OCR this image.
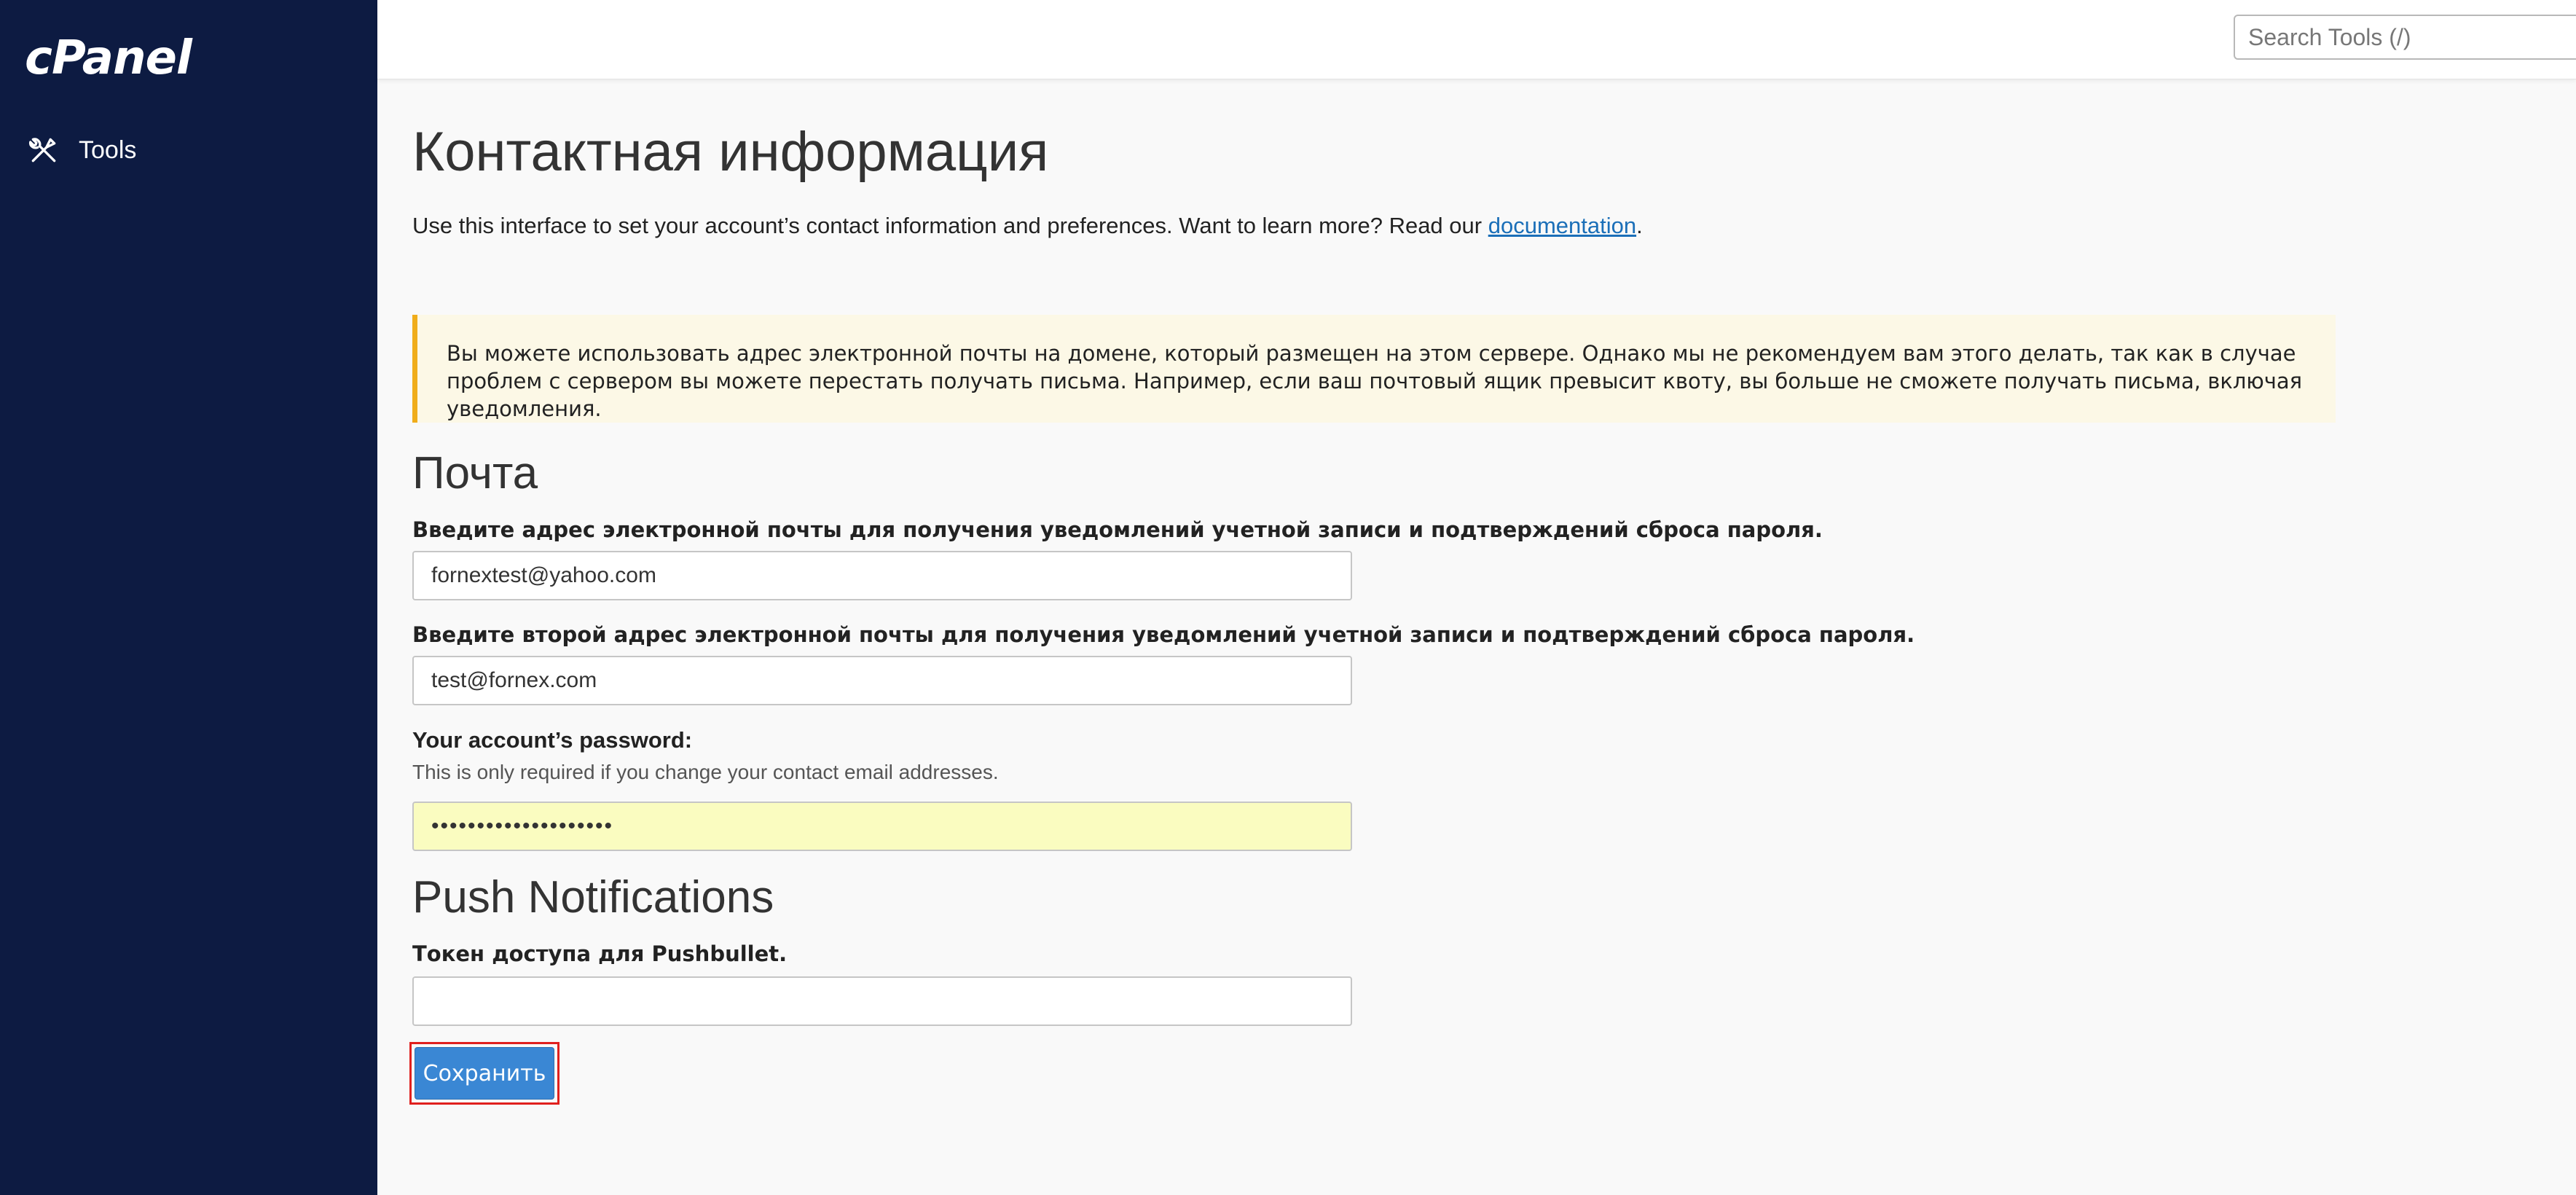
cPanel
Tools
Search Tools (/)	Контактная информация
Use this interface to set your account’s contact information and preferences. Want to learn more? Read our documentation.
Вы можете использовать адрес электронной почты на домене, который размещен на этом сервере. Однако мы не рекомендуем вам этого делать, так как в случае проблем с сервером вы можете перестать получать письма. Например, если ваш почтовый ящик превысит квоту, вы больше не сможете получать письма, включая уведомления.
Почта
Введите адрес электронной почты для получения уведомлений учетной записи и подтверждений сброса пароля.
fornextest@yahoo.com
Введите второй адрес электронной почты для получения уведомлений учетной записи и подтверждений сброса пароля.
test@fornex.com
Your account’s password:
This is only required if you change your contact email addresses.
••••••••••••••••••••
Push Notifications
Токен доступа для Pushbullet.
Сохранить
